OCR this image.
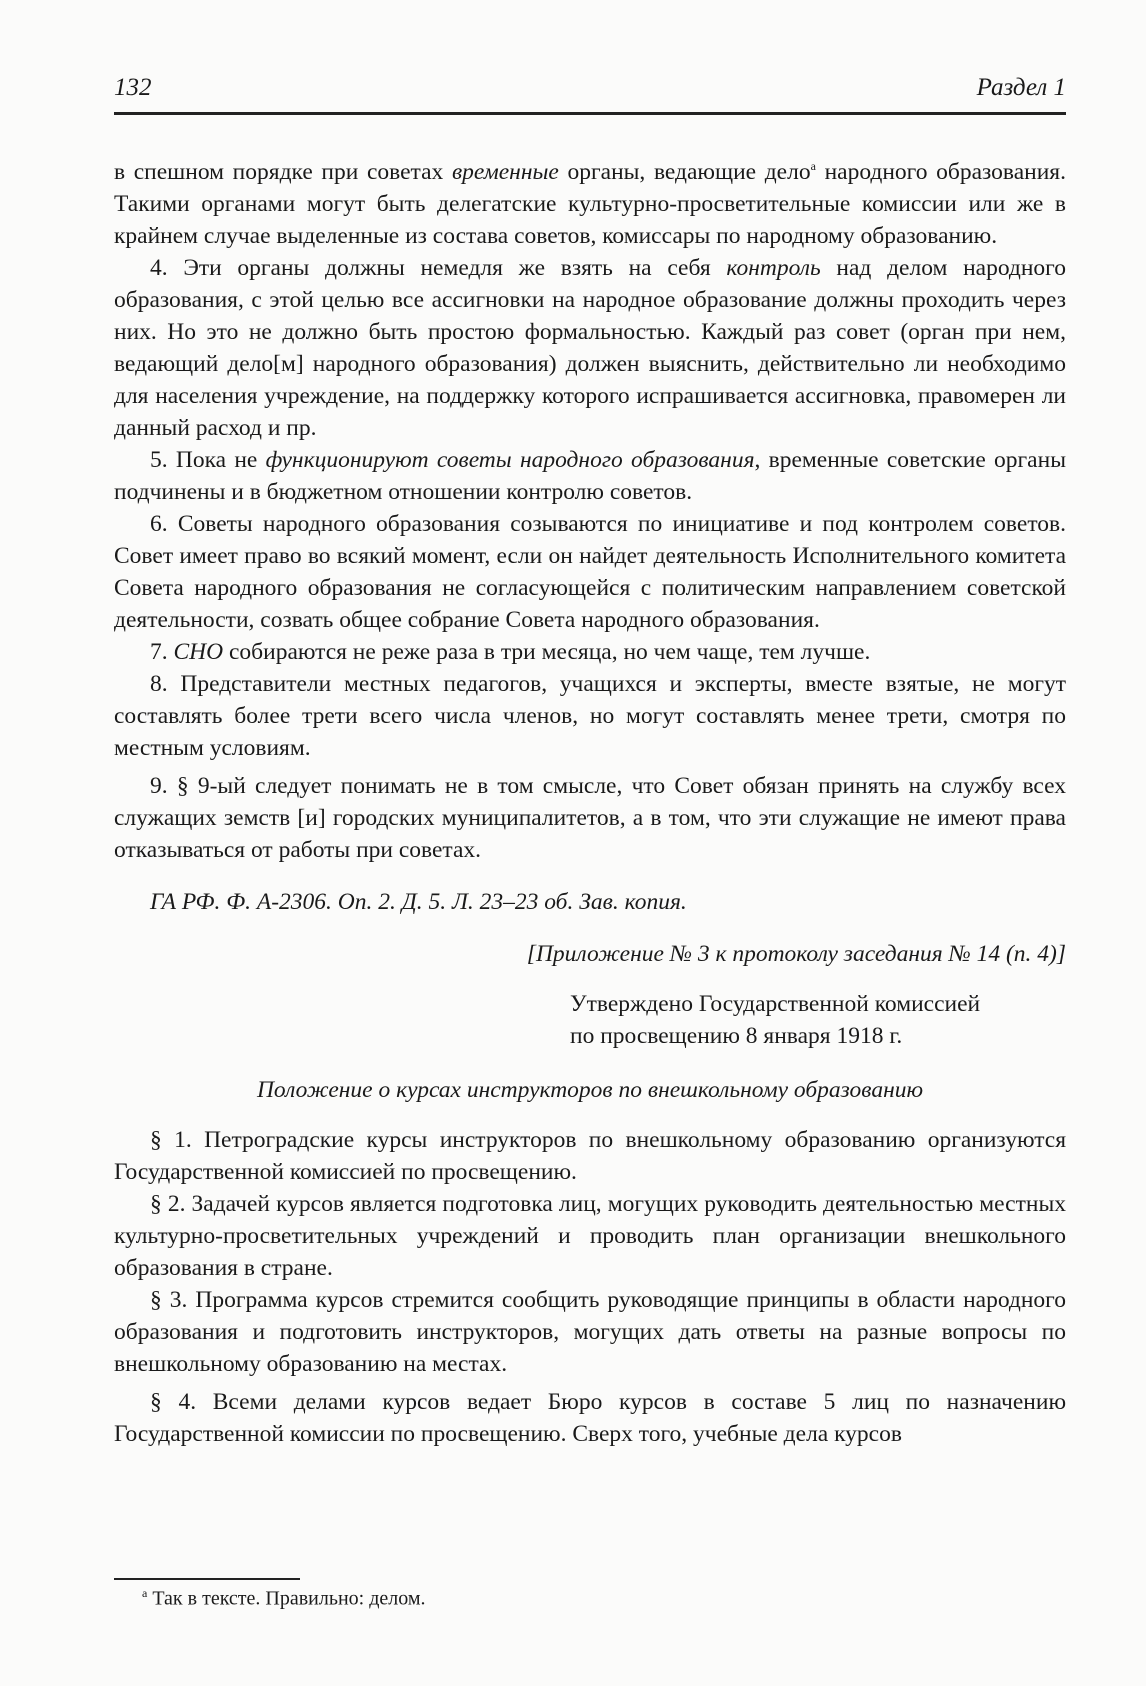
132	Раздел 1

в спешном порядке при советах временные органы, ведающие дело$^а$ народного образования. Такими органами могут быть делегатские культурно-просветительные комиссии или же в крайнем случае выделенные из состава советов, комиссары по народному образованию.

4. Эти органы должны немедля же взять на себя контроль над делом народного образования, с этой целью все ассигновки на народное образование должны проходить через них. Но это не должно быть простою формальностью. Каждый раз совет (орган при нем, ведающий дело[м] народного образования) должен выяснить, действительно ли необходимо для населения учреждение, на поддержку которого испрашивается ассигновка, правомерен ли данный расход и пр.

5. Пока не функционируют советы народного образования, временные советские органы подчинены и в бюджетном отношении контролю советов.

6. Советы народного образования созываются по инициативе и под контролем советов. Совет имеет право во всякий момент, если он найдет деятельность Исполнительного комитета Совета народного образования не согласующейся с политическим направлением советской деятельности, созвать общее собрание Совета народного образования.

7. СНО собираются не реже раза в три месяца, но чем чаще, тем лучше.

8. Представители местных педагогов, учащихся и эксперты, вместе взятые, не могут составлять более трети всего числа членов, но могут составлять менее трети, смотря по местным условиям.

9. § 9-ый следует понимать не в том смысле, что Совет обязан принять на службу всех служащих земств [и] городских муниципалитетов, а в том, что эти служащие не имеют права отказываться от работы при советах.

ГА РФ. Ф. А-2306. Оп. 2. Д. 5. Л. 23–23 об. Зав. копия.

[Приложение № 3 к протоколу заседания № 14 (п. 4)]

Утверждено Государственной комиссией
по просвещению 8 января 1918 г.

Положение о курсах инструкторов по внешкольному образованию

§ 1. Петроградские курсы инструкторов по внешкольному образованию организуются Государственной комиссией по просвещению.

§ 2. Задачей курсов является подготовка лиц, могущих руководить деятельностью местных культурно-просветительных учреждений и проводить план организации внешкольного образования в стране.

§ 3. Программа курсов стремится сообщить руководящие принципы в области народного образования и подготовить инструкторов, могущих дать ответы на разные вопросы по внешкольному образованию на местах.

§ 4. Всеми делами курсов ведает Бюро курсов в составе 5 лиц по назначению Государственной комиссии по просвещению. Сверх того, учебные дела курсов

$^а$ Так в тексте. Правильно: делом.
